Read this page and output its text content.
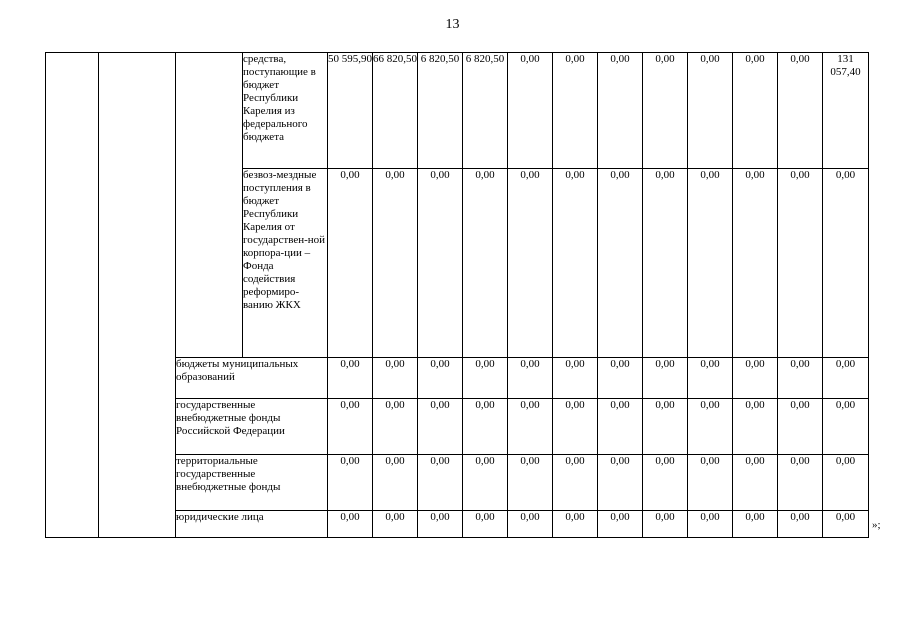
13
			средства, поступающие в бюджет Республики Карелия из федерального бюджета	50 595,90	66 820,50	6 820,50	6 820,50	0,00	0,00	0,00	0,00	0,00	0,00	0,00	131 057,40
			безвоз-мездные поступления в бюджет Республики Карелия от государствен-ной корпора-ции – Фонда содействия реформиро-ванию ЖКХ	0,00	0,00	0,00	0,00	0,00	0,00	0,00	0,00	0,00	0,00	0,00	0,00
		бюджеты муниципальных образований		0,00	0,00	0,00	0,00	0,00	0,00	0,00	0,00	0,00	0,00	0,00	0,00
		государственные внебюджетные фонды Российской Федерации		0,00	0,00	0,00	0,00	0,00	0,00	0,00	0,00	0,00	0,00	0,00	0,00
		территориальные государственные внебюджетные фонды		0,00	0,00	0,00	0,00	0,00	0,00	0,00	0,00	0,00	0,00	0,00	0,00
		юридические лица		0,00	0,00	0,00	0,00	0,00	0,00	0,00	0,00	0,00	0,00	0,00	0,00
»;
